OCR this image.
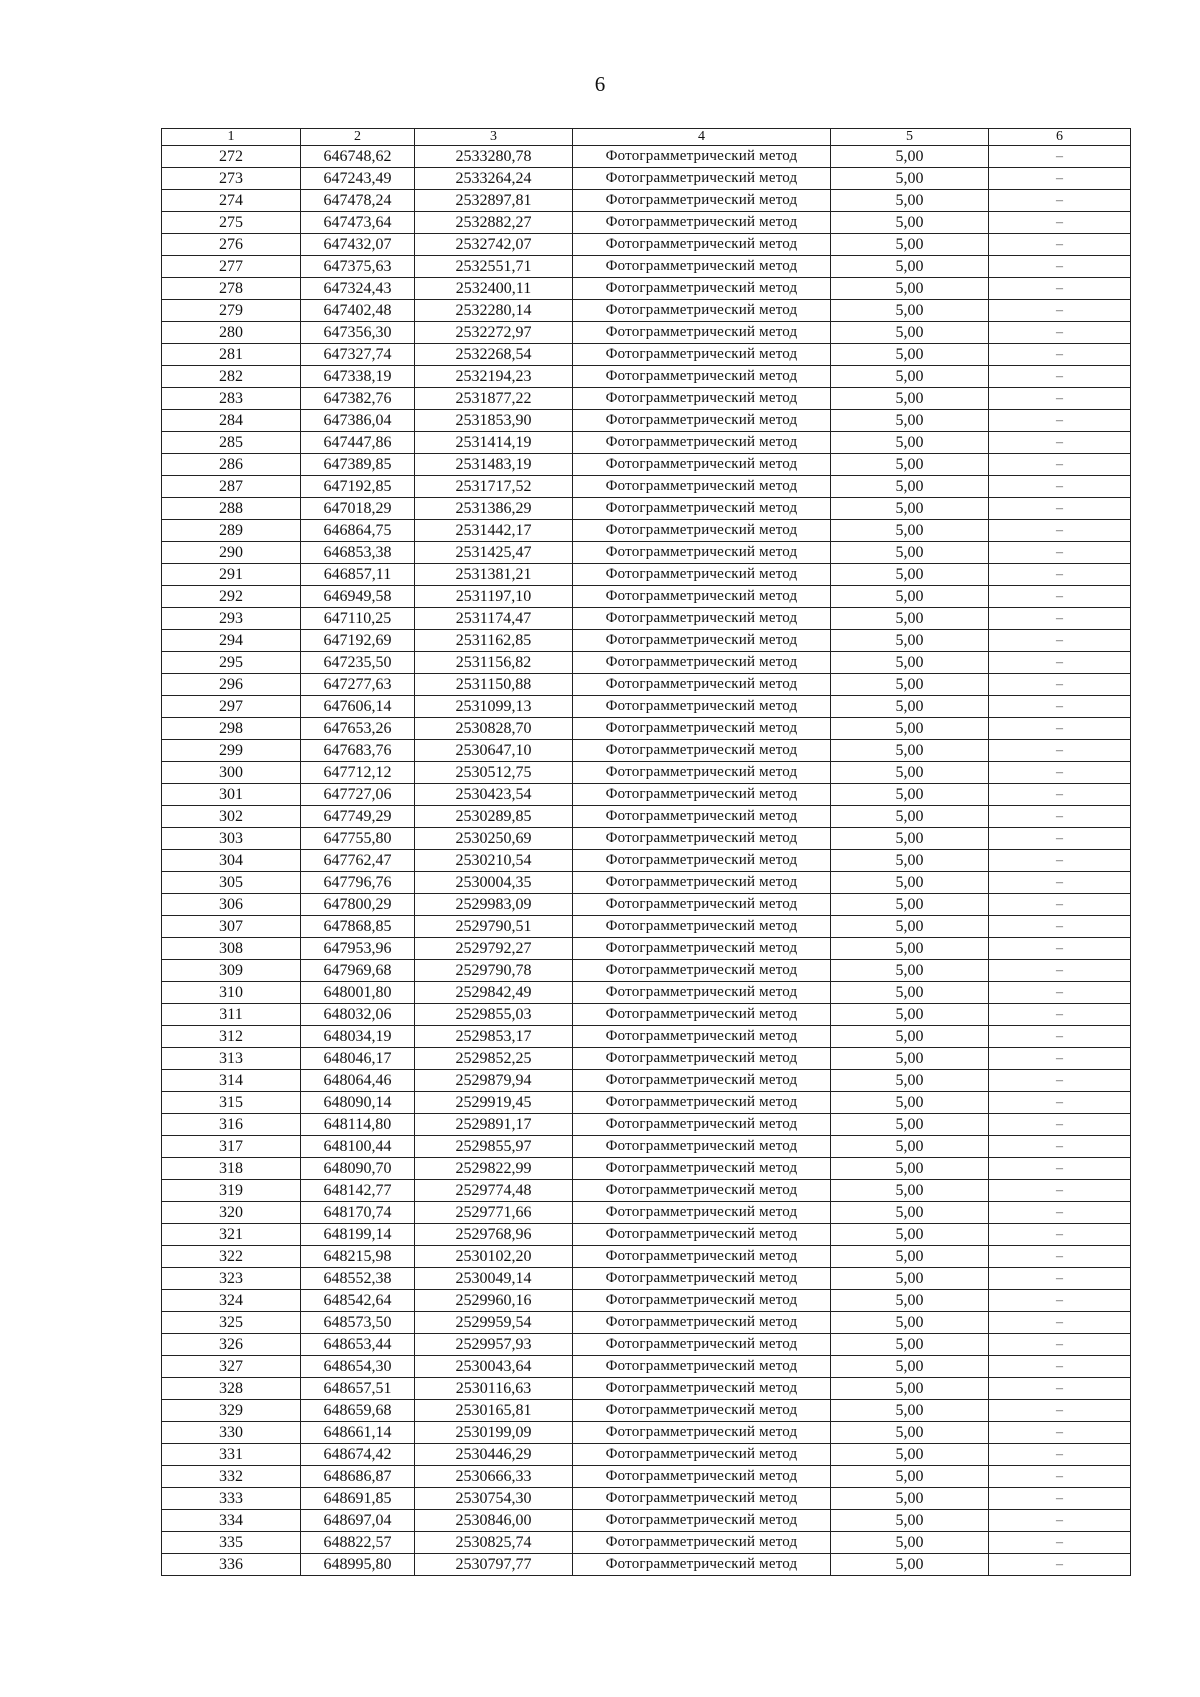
6
1	2	3	4	5	6
272	646748,62	2533280,78	Фотограмметрический метод	5,00	–
273	647243,49	2533264,24	Фотограмметрический метод	5,00	–
274	647478,24	2532897,81	Фотограмметрический метод	5,00	–
275	647473,64	2532882,27	Фотограмметрический метод	5,00	–
276	647432,07	2532742,07	Фотограмметрический метод	5,00	–
277	647375,63	2532551,71	Фотограмметрический метод	5,00	–
278	647324,43	2532400,11	Фотограмметрический метод	5,00	–
279	647402,48	2532280,14	Фотограмметрический метод	5,00	–
280	647356,30	2532272,97	Фотограмметрический метод	5,00	–
281	647327,74	2532268,54	Фотограмметрический метод	5,00	–
282	647338,19	2532194,23	Фотограмметрический метод	5,00	–
283	647382,76	2531877,22	Фотограмметрический метод	5,00	–
284	647386,04	2531853,90	Фотограмметрический метод	5,00	–
285	647447,86	2531414,19	Фотограмметрический метод	5,00	–
286	647389,85	2531483,19	Фотограмметрический метод	5,00	–
287	647192,85	2531717,52	Фотограмметрический метод	5,00	–
288	647018,29	2531386,29	Фотограмметрический метод	5,00	–
289	646864,75	2531442,17	Фотограмметрический метод	5,00	–
290	646853,38	2531425,47	Фотограмметрический метод	5,00	–
291	646857,11	2531381,21	Фотограмметрический метод	5,00	–
292	646949,58	2531197,10	Фотограмметрический метод	5,00	–
293	647110,25	2531174,47	Фотограмметрический метод	5,00	–
294	647192,69	2531162,85	Фотограмметрический метод	5,00	–
295	647235,50	2531156,82	Фотограмметрический метод	5,00	–
296	647277,63	2531150,88	Фотограмметрический метод	5,00	–
297	647606,14	2531099,13	Фотограмметрический метод	5,00	–
298	647653,26	2530828,70	Фотограмметрический метод	5,00	–
299	647683,76	2530647,10	Фотограмметрический метод	5,00	–
300	647712,12	2530512,75	Фотограмметрический метод	5,00	–
301	647727,06	2530423,54	Фотограмметрический метод	5,00	–
302	647749,29	2530289,85	Фотограмметрический метод	5,00	–
303	647755,80	2530250,69	Фотограмметрический метод	5,00	–
304	647762,47	2530210,54	Фотограмметрический метод	5,00	–
305	647796,76	2530004,35	Фотограмметрический метод	5,00	–
306	647800,29	2529983,09	Фотограмметрический метод	5,00	–
307	647868,85	2529790,51	Фотограмметрический метод	5,00	–
308	647953,96	2529792,27	Фотограмметрический метод	5,00	–
309	647969,68	2529790,78	Фотограмметрический метод	5,00	–
310	648001,80	2529842,49	Фотограмметрический метод	5,00	–
311	648032,06	2529855,03	Фотограмметрический метод	5,00	–
312	648034,19	2529853,17	Фотограмметрический метод	5,00	–
313	648046,17	2529852,25	Фотограмметрический метод	5,00	–
314	648064,46	2529879,94	Фотограмметрический метод	5,00	–
315	648090,14	2529919,45	Фотограмметрический метод	5,00	–
316	648114,80	2529891,17	Фотограмметрический метод	5,00	–
317	648100,44	2529855,97	Фотограмметрический метод	5,00	–
318	648090,70	2529822,99	Фотограмметрический метод	5,00	–
319	648142,77	2529774,48	Фотограмметрический метод	5,00	–
320	648170,74	2529771,66	Фотограмметрический метод	5,00	–
321	648199,14	2529768,96	Фотограмметрический метод	5,00	–
322	648215,98	2530102,20	Фотограмметрический метод	5,00	–
323	648552,38	2530049,14	Фотограмметрический метод	5,00	–
324	648542,64	2529960,16	Фотограмметрический метод	5,00	–
325	648573,50	2529959,54	Фотограмметрический метод	5,00	–
326	648653,44	2529957,93	Фотограмметрический метод	5,00	–
327	648654,30	2530043,64	Фотограмметрический метод	5,00	–
328	648657,51	2530116,63	Фотограмметрический метод	5,00	–
329	648659,68	2530165,81	Фотограмметрический метод	5,00	–
330	648661,14	2530199,09	Фотограмметрический метод	5,00	–
331	648674,42	2530446,29	Фотограмметрический метод	5,00	–
332	648686,87	2530666,33	Фотограмметрический метод	5,00	–
333	648691,85	2530754,30	Фотограмметрический метод	5,00	–
334	648697,04	2530846,00	Фотограмметрический метод	5,00	–
335	648822,57	2530825,74	Фотограмметрический метод	5,00	–
336	648995,80	2530797,77	Фотограмметрический метод	5,00	–
